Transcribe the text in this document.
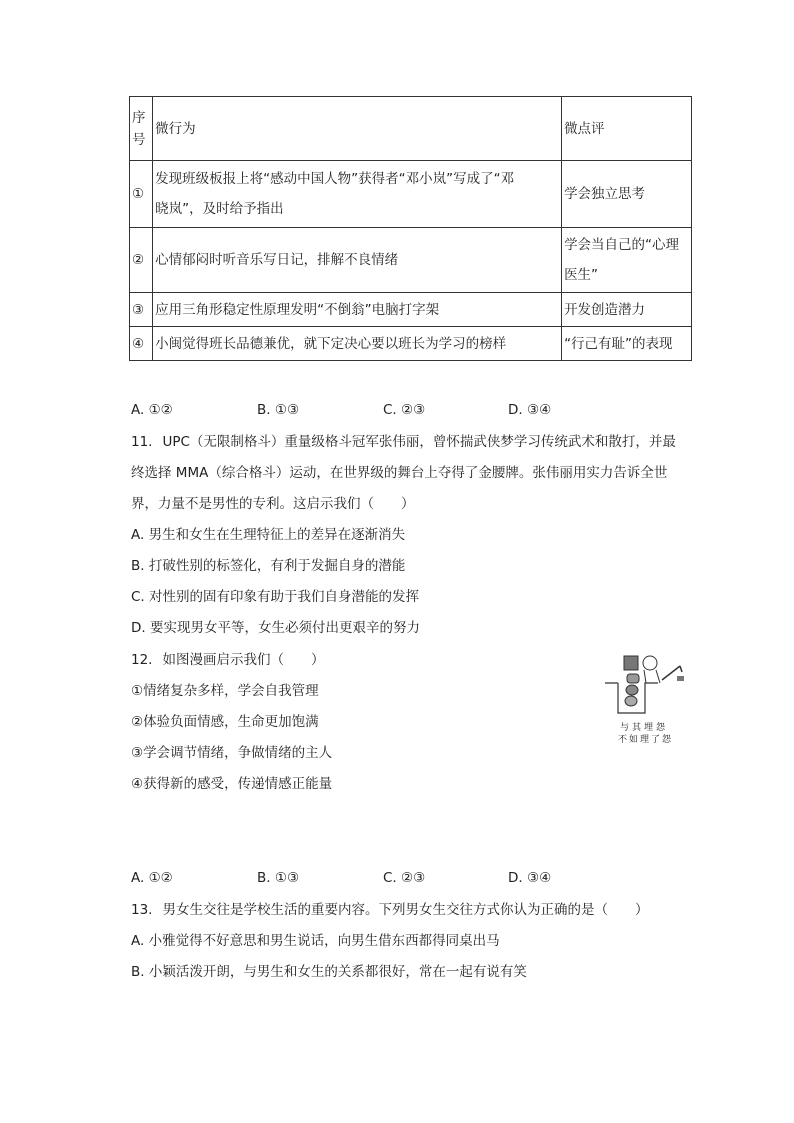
序
号	微行为	微点评
①	发现班级板报上将“感动中国人物”获得者“邓小岚”写成了“邓
晓岚”，及时给予指出	学会独立思考
②	心情郁闷时听音乐写日记，排解不良情绪	学会当自己的“心理
医生”

③	应用三角形稳定性原理发明“不倒翁”电脑打字架	开发创造潜力
④	小闽觉得班长品德兼优，就下定决心要以班长为学习的榜样	“行己有耻”的表现
A. ①②	B. ①③	C. ②③	D. ③④
11. UPC（无限制格斗）重量级格斗冠军张伟丽，曾怀揣武侠梦学习传统武术和散打，并最
终选择 MMA（综合格斗）运动，在世界级的舞台上夺得了金腰牌。张伟丽用实力告诉全世
界，力量不是男性的专利。这启示我们（　　）
A. 男生和女生在生理特征上的差异在逐渐消失
B. 打破性别的标签化，有利于发掘自身的潜能
C. 对性别的固有印象有助于我们自身潜能的发挥
D. 要实现男女平等，女生必须付出更艰辛的努力
12. 如图漫画启示我们（　　）
①情绪复杂多样，学会自我管理
②体验负面情感，生命更加饱满
③学会调节情绪，争做情绪的主人
④获得新的感受，传递情感正能量
与其埋怨
不如理了怨
A. ①②	B. ①③	C. ②③	D. ③④
13. 男女生交往是学校生活的重要内容。下列男女生交往方式你认为正确的是（　　）
A. 小雅觉得不好意思和男生说话，向男生借东西都得同桌出马
B. 小颖活泼开朗，与男生和女生的关系都很好，常在一起有说有笑
